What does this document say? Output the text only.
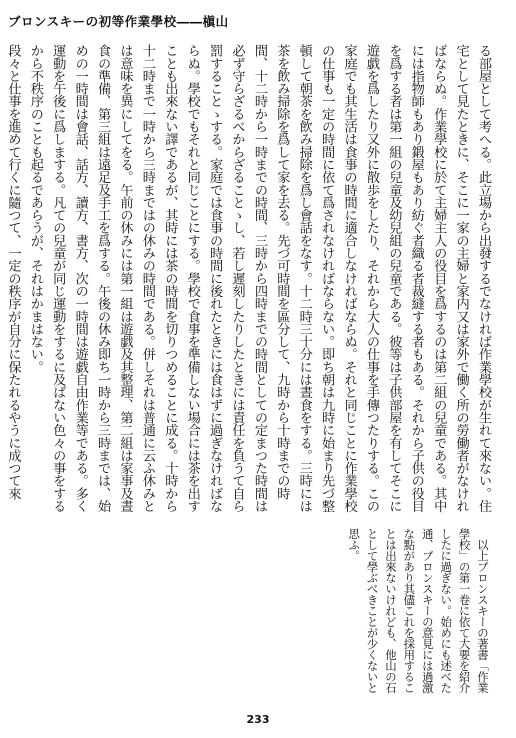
ブロンスキーの初等作業學校――槇山

る部屋として考へる。此立場から出發するでなければ作業學校が生れて來ない。住宅として見たときに、そこに一家の主婦と家内又は家外で働く所の勞働者がなければならぬ。作業學校に於て主婦主人の役目を爲するのは第二組の兒童である。其中には指物師もあり鍛屋もあり紡ぐ者織る者裁縫する者もある。それから子供の役目を爲する者は第一組の兒童及幼兒組の兒童である。彼等は子供部屋を有してそこに遊戯を爲したり又外に散歩をしたり、それから大人の仕事を手傳つたりする。この家庭でも其生活は食事の時間に適合しなければならぬ。それと同じことに作業學校の仕事も一定の時間に依て爲されなければならない。即ち朝は九時に始まり先づ整頓して朝茶を飲み掃除を爲し會話をなす。十二時三十分には晝食をする。三時には茶を飲み掃除を爲して家を去る。先づ可時間を區分して、九時から十時までの時間、十二時から一時までの時間、三時から四時までの時間としての定まつた時間は必ず守らざるべからざることゝし、若し遲刻したりしたときには責任を負うて自ら罰することゝする。家庭では食事の時間に後れたときには食はずに過ぎなければならぬ。學校でもそれと同じことにする。學校で食事を準備しない場合には茶を出すことも出來ない譯であるが、其時には茶の時間を切りつめることに成る。十時から十二時まで一時から三時まではの休みの時間である。併しそれは普通に云ふ休みとは意味を異にしてをる。午前の休みには第一組は遊戯及其整理、第二組は家事及晝食の準備、第三組は遠足及手工を爲する。午後の休み即ち一時から三時までは、始めの一時間は會話、話方、讀方、書方、次の一時間は遊戯自由作業等である。多く運動を午後に爲しまする。凡ての兒童が同じ運動をするに及ばない色々の事をするから不秩序のことも起るであらうが、それはかまはない。

段々と仕事を進めて行くに隨つて、一定の秩序が自分に保たれるやうに成つて來

以上ブロンスキーの著書「作業學校」の第一卷に依て大要を紹介したに過ぎない。始めにも述べた通、ブロンスキーの意見には過激な點があり其儘これを採用することは出來ないけれども、他山の石として學ぶべきことが少くないと思ふ。

233
